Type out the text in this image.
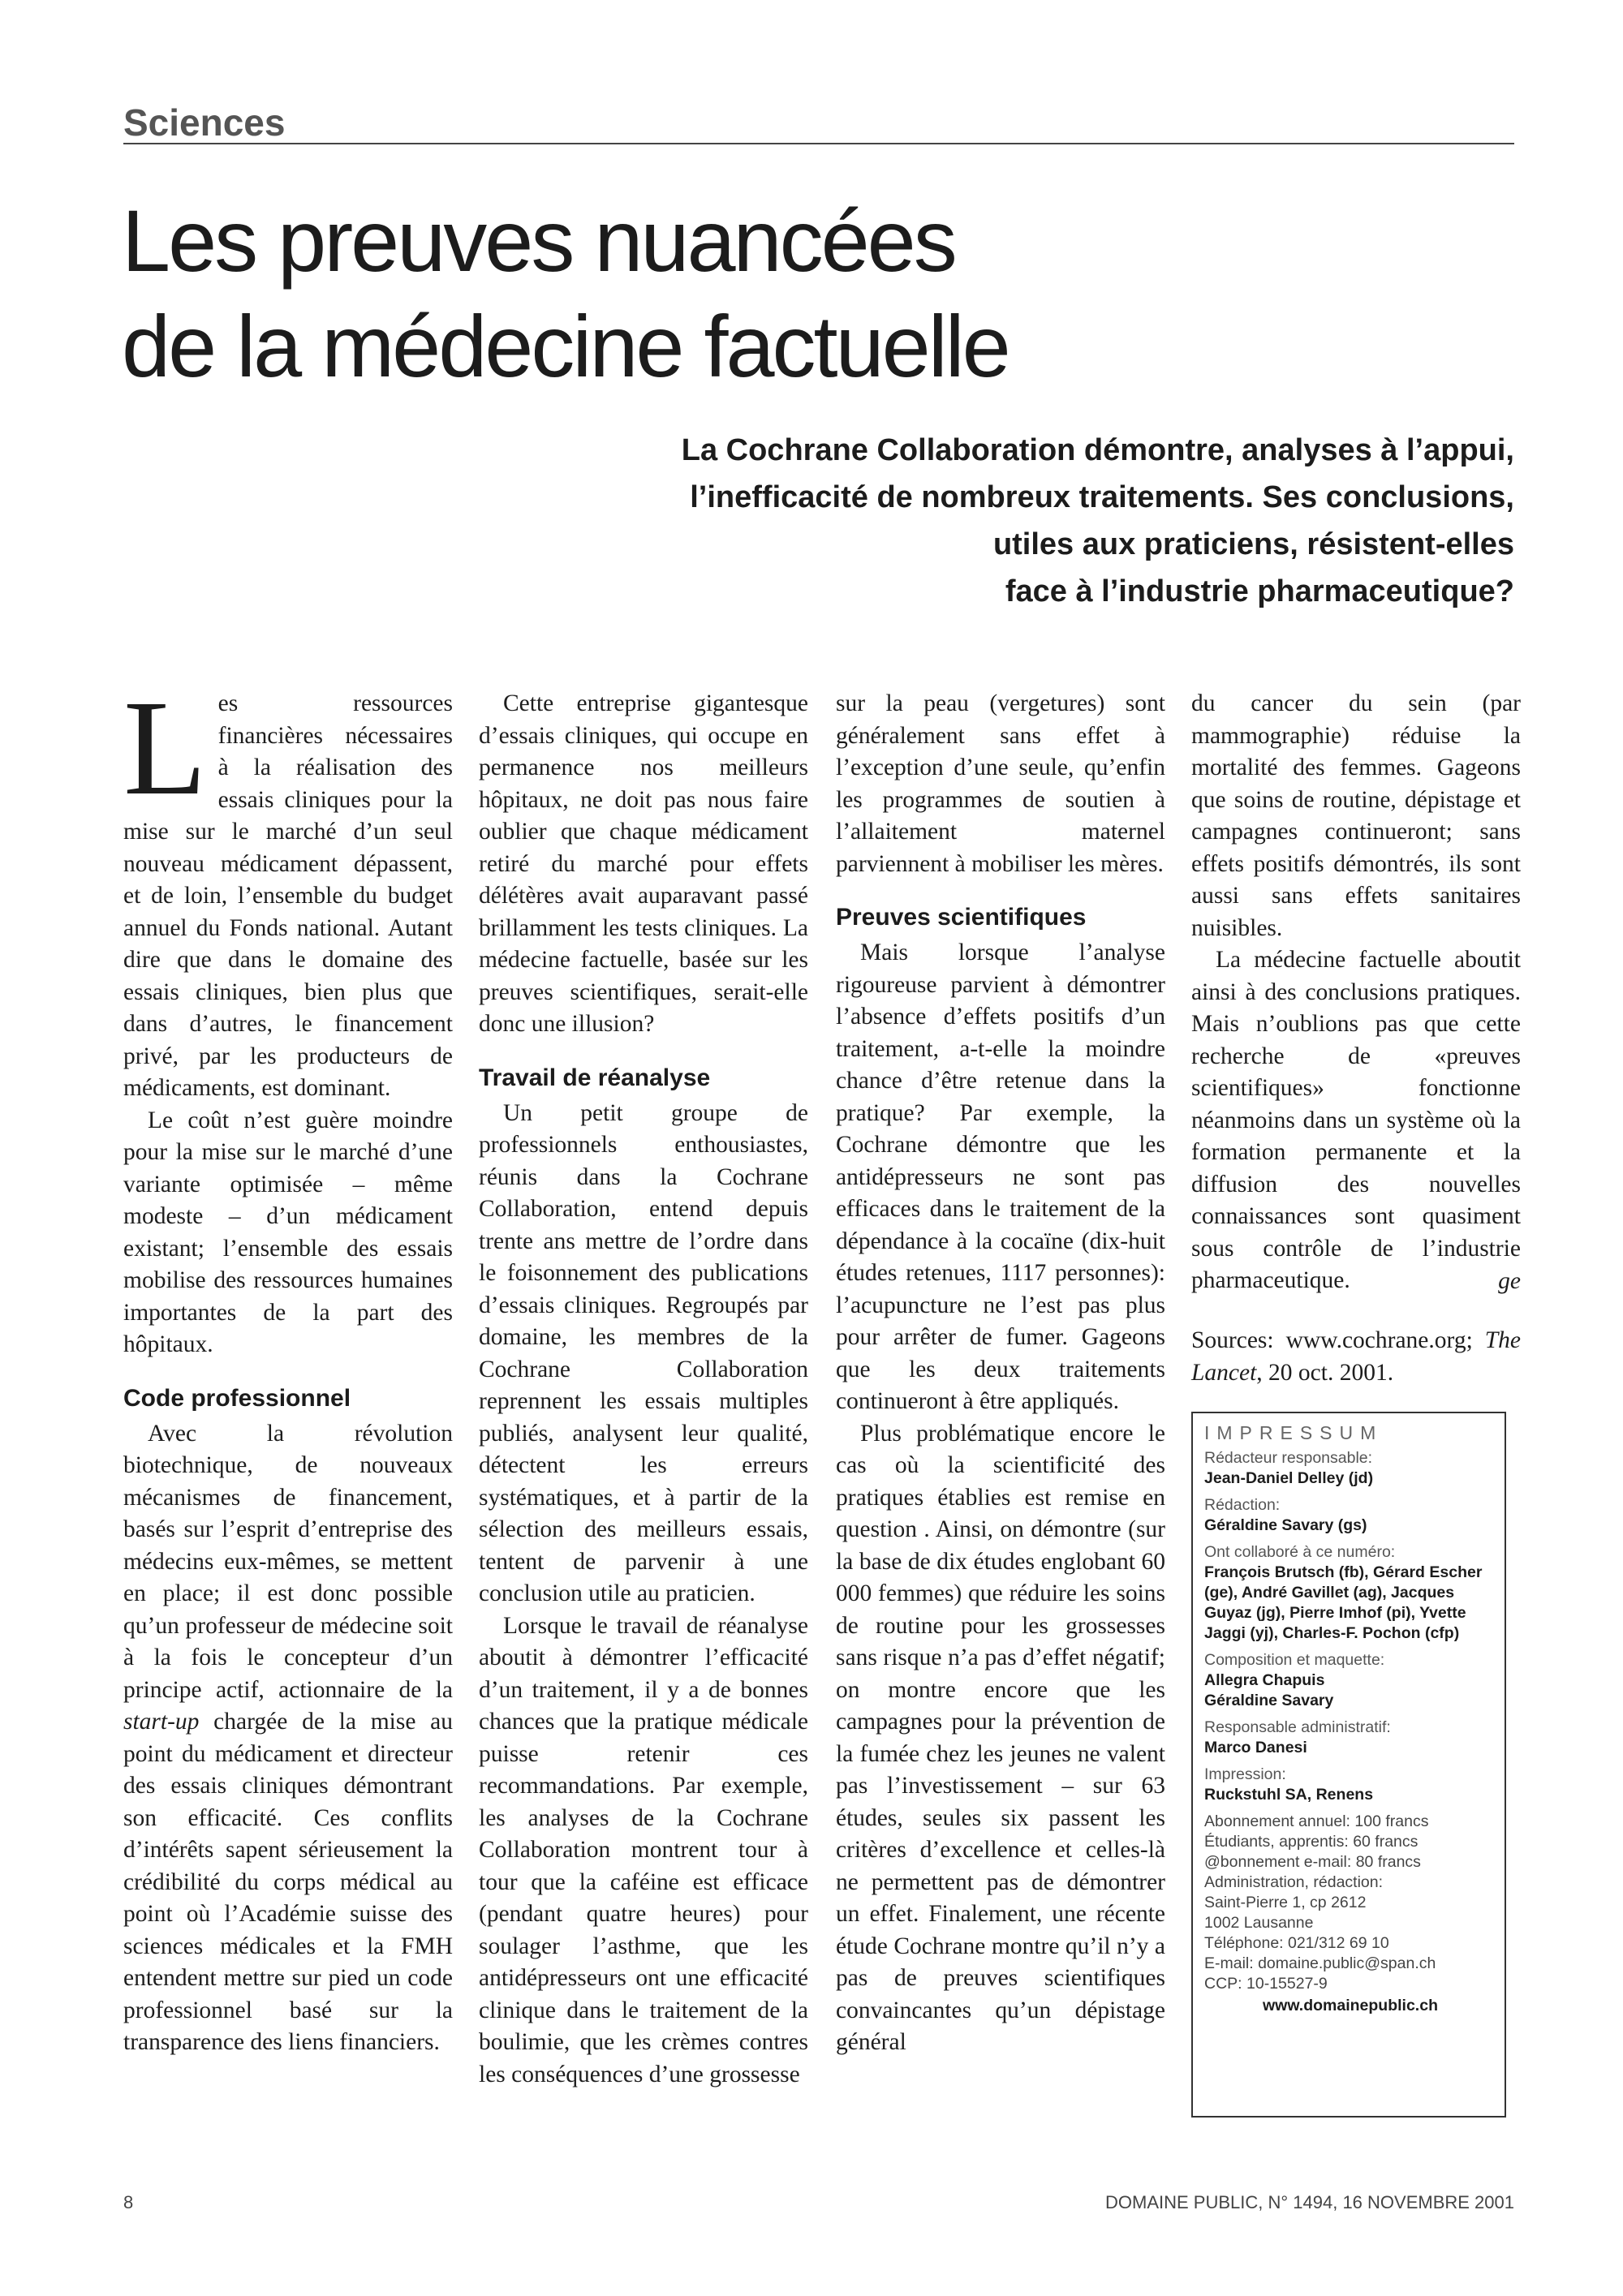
Sciences
Les preuves nuancées
de la médecine factuelle
La Cochrane Collaboration démontre, analyses à l’appui,
l’inefficacité de nombreux traitements. Ses conclusions,
utiles aux praticiens, résistent-elles
face à l’industrie pharmaceutique?

Les ressources financières nécessaires à la réalisation des essais cliniques pour la mise sur le marché d’un seul nouveau médicament dépassent, et de loin, l’ensemble du budget annuel du Fonds national. Autant dire que dans le domaine des essais cliniques, bien plus que dans d’autres, le financement privé, par les producteurs de médicaments, est dominant.

Le coût n’est guère moindre pour la mise sur le marché d’une variante optimisée – même modeste – d’un médicament existant; l’ensemble des essais mobilise des ressources humaines importantes de la part des hôpitaux.

Code professionnel

Avec la révolution biotechnique, de nouveaux mécanismes de financement, basés sur l’esprit d’entreprise des médecins eux-mêmes, se mettent en place; il est donc possible qu’un professeur de médecine soit à la fois le concepteur d’un principe actif, actionnaire de la start-up chargée de la mise au point du médicament et directeur des essais cliniques démontrant son efficacité. Ces conflits d’intérêts sapent sérieusement la crédibilité du corps médical au point où l’Académie suisse des sciences médicales et la FMH entendent mettre sur pied un code professionnel basé sur la transparence des liens financiers.

Cette entreprise gigantesque d’essais cliniques, qui occupe en permanence nos meilleurs hôpitaux, ne doit pas nous faire oublier que chaque médicament retiré du marché pour effets délétères avait auparavant passé brillamment les tests cliniques. La médecine factuelle, basée sur les preuves scientifiques, serait-elle donc une illusion?

Travail de réanalyse

Un petit groupe de professionnels enthousiastes, réunis dans la Cochrane Collaboration, entend depuis trente ans mettre de l’ordre dans le foisonnement des publications d’essais cliniques. Regroupés par domaine, les membres de la Cochrane Collaboration reprennent les essais multiples publiés, analysent leur qualité, détectent les erreurs systématiques, et à partir de la sélection des meilleurs essais, tentent de parvenir à une conclusion utile au praticien.

Lorsque le travail de réanalyse aboutit à démontrer l’efficacité d’un traitement, il y a de bonnes chances que la pratique médicale puisse retenir ces recommandations. Par exemple, les analyses de la Cochrane Collaboration montrent tour à tour que la caféine est efficace (pendant quatre heures) pour soulager l’asthme, que les antidépresseurs ont une efficacité clinique dans le traitement de la boulimie, que les crèmes contres les conséquences d’une grossesse

sur la peau (vergetures) sont généralement sans effet à l’exception d’une seule, qu’enfin les programmes de soutien à l’allaitement maternel parviennent à mobiliser les mères.

Preuves scientifiques

Mais lorsque l’analyse rigoureuse parvient à démontrer l’absence d’effets positifs d’un traitement, a-t-elle la moindre chance d’être retenue dans la pratique? Par exemple, la Cochrane démontre que les antidépresseurs ne sont pas efficaces dans le traitement de la dépendance à la cocaïne (dix-huit études retenues, 1117 personnes): l’acupuncture ne l’est pas plus pour arrêter de fumer. Gageons que les deux traitements continueront à être appliqués.

Plus problématique encore le cas où la scientificité des pratiques établies est remise en question . Ainsi, on démontre (sur la base de dix études englobant 60 000 femmes) que réduire les soins de routine pour les grossesses sans risque n’a pas d’effet négatif; on montre encore que les campagnes pour la prévention de la fumée chez les jeunes ne valent pas l’investissement – sur 63 études, seules six passent les critères d’excellence et celles-là ne permettent pas de démontrer un effet. Finalement, une récente étude Cochrane montre qu’il n’y a pas de preuves scientifiques convaincantes qu’un dépistage général

du cancer du sein (par mammographie) réduise la mortalité des femmes. Gageons que soins de routine, dépistage et campagnes continueront; sans effets positifs démontrés, ils sont aussi sans effets sanitaires nuisibles.

La médecine factuelle aboutit ainsi à des conclusions pratiques. Mais n’oublions pas que cette recherche de «preuves scientifiques» fonctionne néanmoins dans un système où la formation permanente et la diffusion des nouvelles connaissances sont quasiment sous contrôle de l’industrie pharmaceutique.	ge

Sources: www.cochrane.org; The Lancet, 20 oct. 2001.

IMPRESSUM
Rédacteur responsable:
Jean-Daniel Delley (jd)
Rédaction:
Géraldine Savary (gs)
Ont collaboré à ce numéro:
François Brutsch (fb), Gérard Escher (ge), André Gavillet (ag), Jacques Guyaz (jg), Pierre Imhof (pi), Yvette Jaggi (yj), Charles-F. Pochon (cfp)
Composition et maquette:
Allegra Chapuis
Géraldine Savary
Responsable administratif:
Marco Danesi
Impression:
Ruckstuhl SA, Renens
Abonnement annuel: 100 francs
Étudiants, apprentis: 60 francs
@bonnement e-mail: 80 francs
Administration, rédaction:
Saint-Pierre 1, cp 2612
1002 Lausanne
Téléphone: 021/312 69 10
E-mail: domaine.public@span.ch
CCP: 10-15527-9
www.domainepublic.ch
8	DOMAINE PUBLIC, N° 1494, 16 NOVEMBRE 2001
